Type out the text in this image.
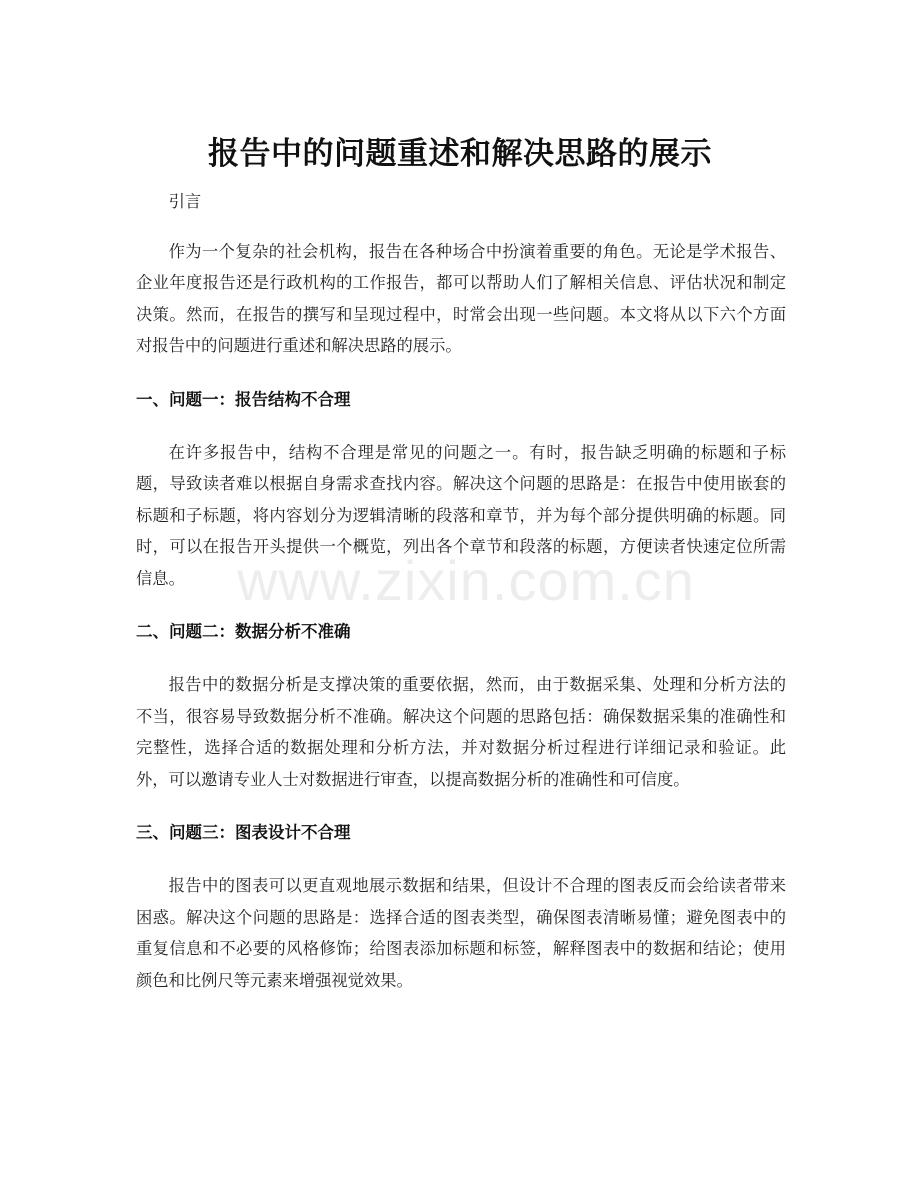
报告中的问题重述和解决思路的展示

引言

作为一个复杂的社会机构，报告在各种场合中扮演着重要的角色。无论是学术报告、企业年度报告还是行政机构的工作报告，都可以帮助人们了解相关信息、评估状况和制定决策。然而，在报告的撰写和呈现过程中，时常会出现一些问题。本文将从以下六个方面对报告中的问题进行重述和解决思路的展示。

一、问题一：报告结构不合理

在许多报告中，结构不合理是常见的问题之一。有时，报告缺乏明确的标题和子标题，导致读者难以根据自身需求查找内容。解决这个问题的思路是：在报告中使用嵌套的标题和子标题，将内容划分为逻辑清晰的段落和章节，并为每个部分提供明确的标题。同时，可以在报告开头提供一个概览，列出各个章节和段落的标题，方便读者快速定位所需信息。

二、问题二：数据分析不准确

报告中的数据分析是支撑决策的重要依据，然而，由于数据采集、处理和分析方法的不当，很容易导致数据分析不准确。解决这个问题的思路包括：确保数据采集的准确性和完整性，选择合适的数据处理和分析方法，并对数据分析过程进行详细记录和验证。此外，可以邀请专业人士对数据进行审查，以提高数据分析的准确性和可信度。

三、问题三：图表设计不合理

报告中的图表可以更直观地展示数据和结果，但设计不合理的图表反而会给读者带来困惑。解决这个问题的思路是：选择合适的图表类型，确保图表清晰易懂；避免图表中的重复信息和不必要的风格修饰；给图表添加标题和标签，解释图表中的数据和结论；使用颜色和比例尺等元素来增强视觉效果。

www.zixin.com.cn
